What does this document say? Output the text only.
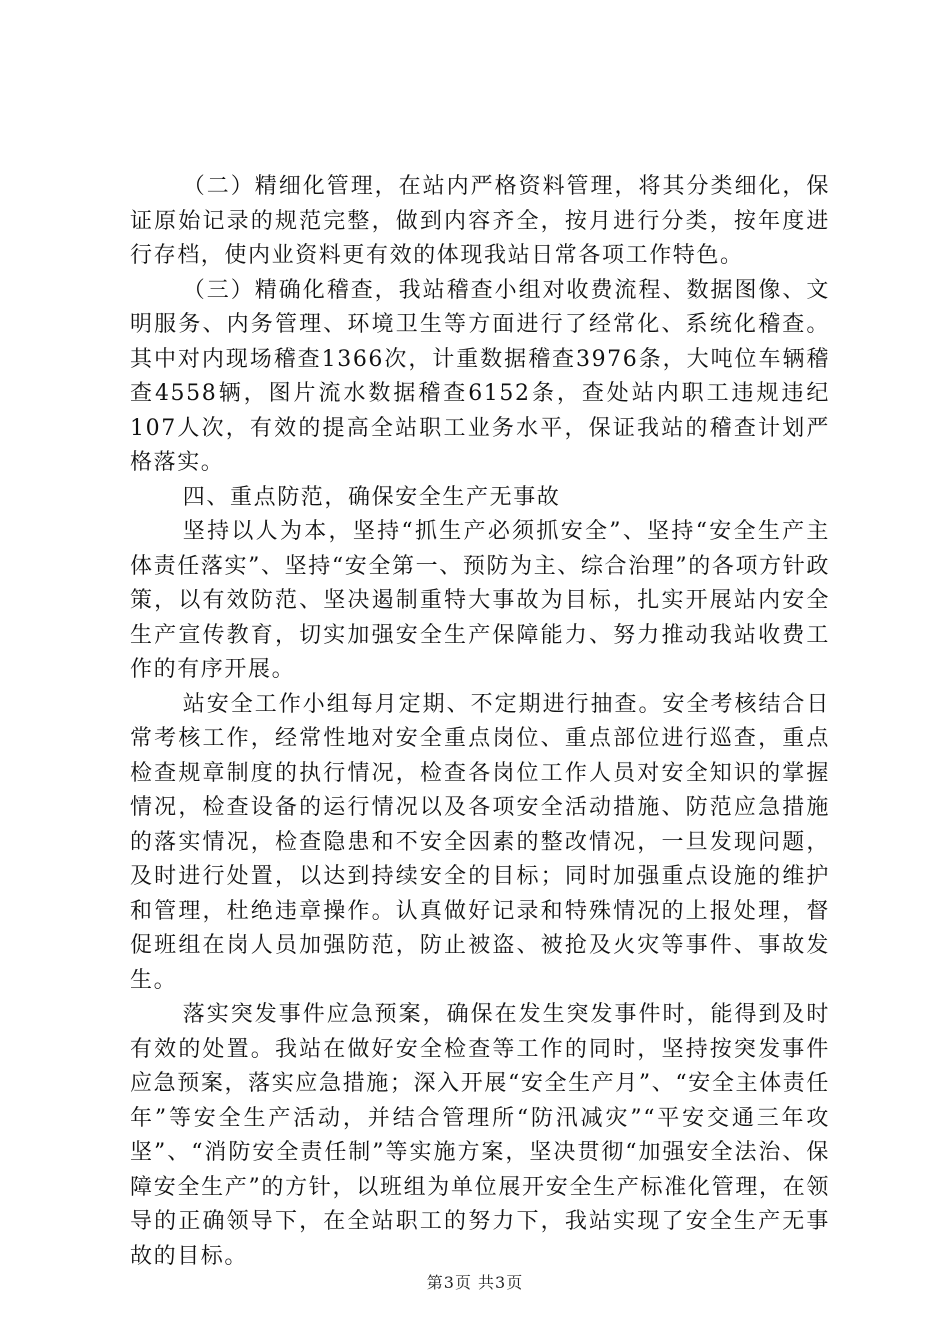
（二）精细化管理，在站内严格资料管理，将其分类细化，保证原始记录的规范完整，做到内容齐全，按月进行分类，按年度进行存档，使内业资料更有效的体现我站日常各项工作特色。

（三）精确化稽查，我站稽查小组对收费流程、数据图像、文明服务、内务管理、环境卫生等方面进行了经常化、系统化稽查。其中对内现场稽查1366次，计重数据稽查3976条，大吨位车辆稽查4558辆，图片流水数据稽查6152条，查处站内职工违规违纪107人次，有效的提高全站职工业务水平，保证我站的稽查计划严格落实。

四、重点防范，确保安全生产无事故

坚持以人为本，坚持“抓生产必须抓安全”、坚持“安全生产主体责任落实”、坚持“安全第一、预防为主、综合治理”的各项方针政策，以有效防范、坚决遏制重特大事故为目标，扎实开展站内安全生产宣传教育，切实加强安全生产保障能力、努力推动我站收费工作的有序开展。

站安全工作小组每月定期、不定期进行抽查。安全考核结合日常考核工作，经常性地对安全重点岗位、重点部位进行巡查，重点检查规章制度的执行情况，检查各岗位工作人员对安全知识的掌握情况，检查设备的运行情况以及各项安全活动措施、防范应急措施的落实情况，检查隐患和不安全因素的整改情况，一旦发现问题，及时进行处置，以达到持续安全的目标；同时加强重点设施的维护和管理，杜绝违章操作。认真做好记录和特殊情况的上报处理，督促班组在岗人员加强防范，防止被盗、被抢及火灾等事件、事故发生。

落实突发事件应急预案，确保在发生突发事件时，能得到及时有效的处置。我站在做好安全检查等工作的同时，坚持按突发事件应急预案，落实应急措施；深入开展“安全生产月”、“安全主体责任年”等安全生产活动，并结合管理所“防汛减灾”“平安交通三年攻坚”、“消防安全责任制”等实施方案，坚决贯彻“加强安全法治、保障安全生产”的方针，以班组为单位展开安全生产标准化管理，在领导的正确领导下，在全站职工的努力下，我站实现了安全生产无事故的目标。

第3页 共3页
